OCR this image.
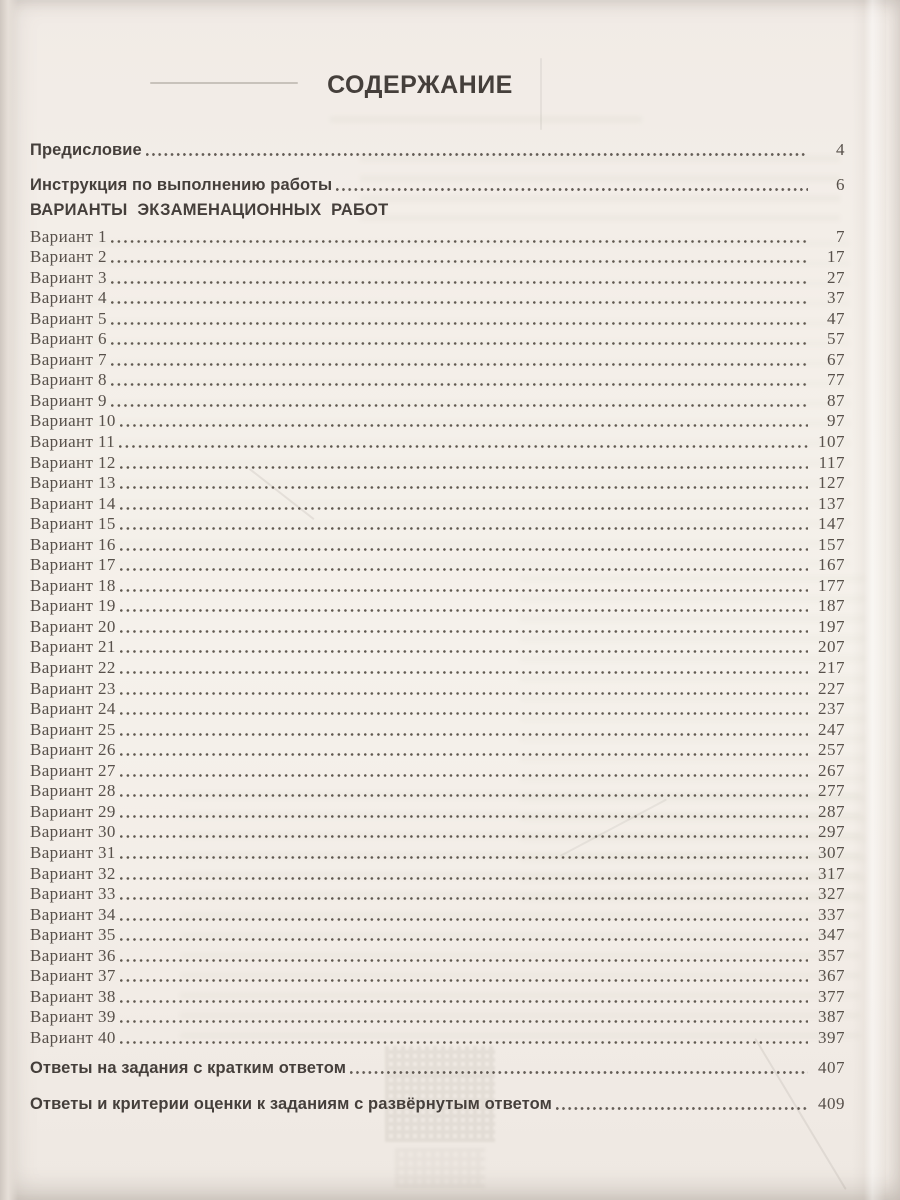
СОДЕРЖАНИЕ
Предисловие	4
Инструкция по выполнению работы	6
ВАРИАНТЫ ЭКЗАМЕНАЦИОННЫХ РАБОТ
Вариант 1	7
Вариант 2	17
Вариант 3	27
Вариант 4	37
Вариант 5	47
Вариант 6	57
Вариант 7	67
Вариант 8	77
Вариант 9	87
Вариант 10	97
Вариант 11	107
Вариант 12	117
Вариант 13	127
Вариант 14	137
Вариант 15	147
Вариант 16	157
Вариант 17	167
Вариант 18	177
Вариант 19	187
Вариант 20	197
Вариант 21	207
Вариант 22	217
Вариант 23	227
Вариант 24	237
Вариант 25	247
Вариант 26	257
Вариант 27	267
Вариант 28	277
Вариант 29	287
Вариант 30	297
Вариант 31	307
Вариант 32	317
Вариант 33	327
Вариант 34	337
Вариант 35	347
Вариант 36	357
Вариант 37	367
Вариант 38	377
Вариант 39	387
Вариант 40	397
Ответы на задания с кратким ответом	407
Ответы и критерии оценки к заданиям с развёрнутым ответом	409
